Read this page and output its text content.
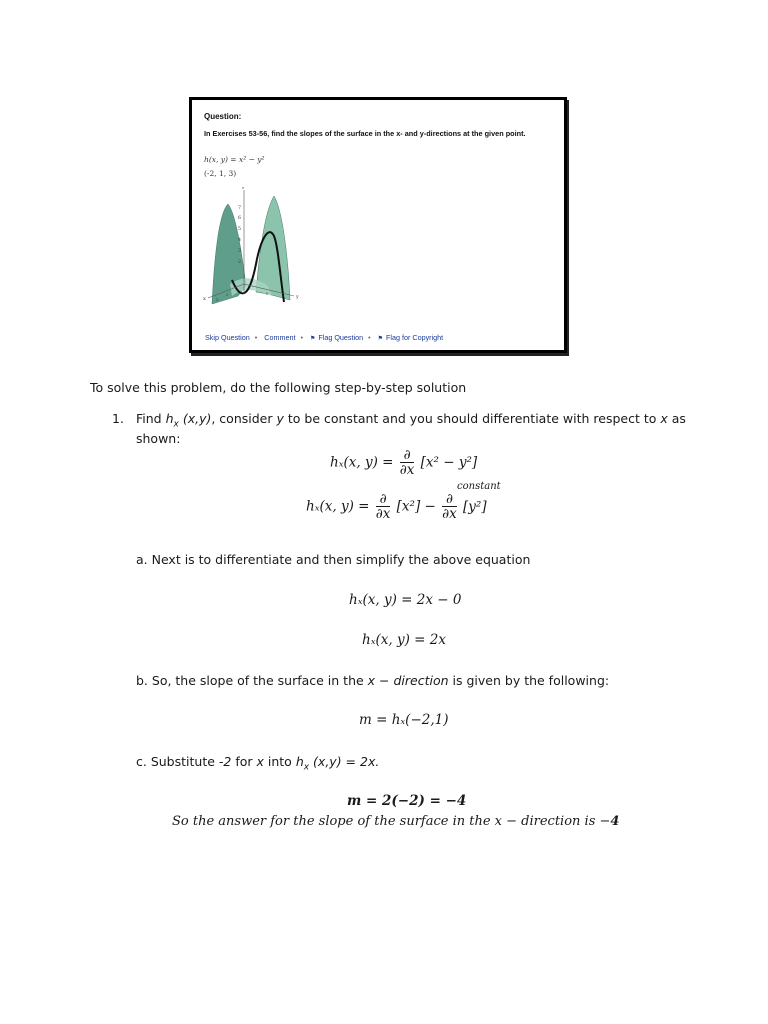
Question:
In Exercises 53-56, find the slopes of the surface in the x- and y-directions at the given point.
h(x, y) = x² − y²
(-2, 1, 3)
z
7
6
5
4
3
2
x	3
2	2
y
Skip Question • Comment • ⚑ Flag Question • ⚑ Flag for Copyright
To solve this problem, do the following step-by-step solution
1. Find $h_x$ (x,y), consider y to be constant and you should differentiate with respect to x as
shown:
hₓ(x, $y) = \frac{\partial}{\partial x} [x^2 - y^2]$
hₓ(x, $y) = \frac{\partial}{\partial x} [x^2] - \frac{\partial}{\partial x}$

constant
[y²]
a. Next is to differentiate and then simplify the above equation
hₓ(x, y) = 2x − 0
hₓ(x, y) = 2x
b. So, the slope of the surface in the x − direction is given by the following:
m = hₓ(−2,1)
c. Substitute -2 for x into $h_x$ (x,y) = 2x.
m = 2(−2) = −4
So the answer for the slope of the surface in the x − direction is −4
